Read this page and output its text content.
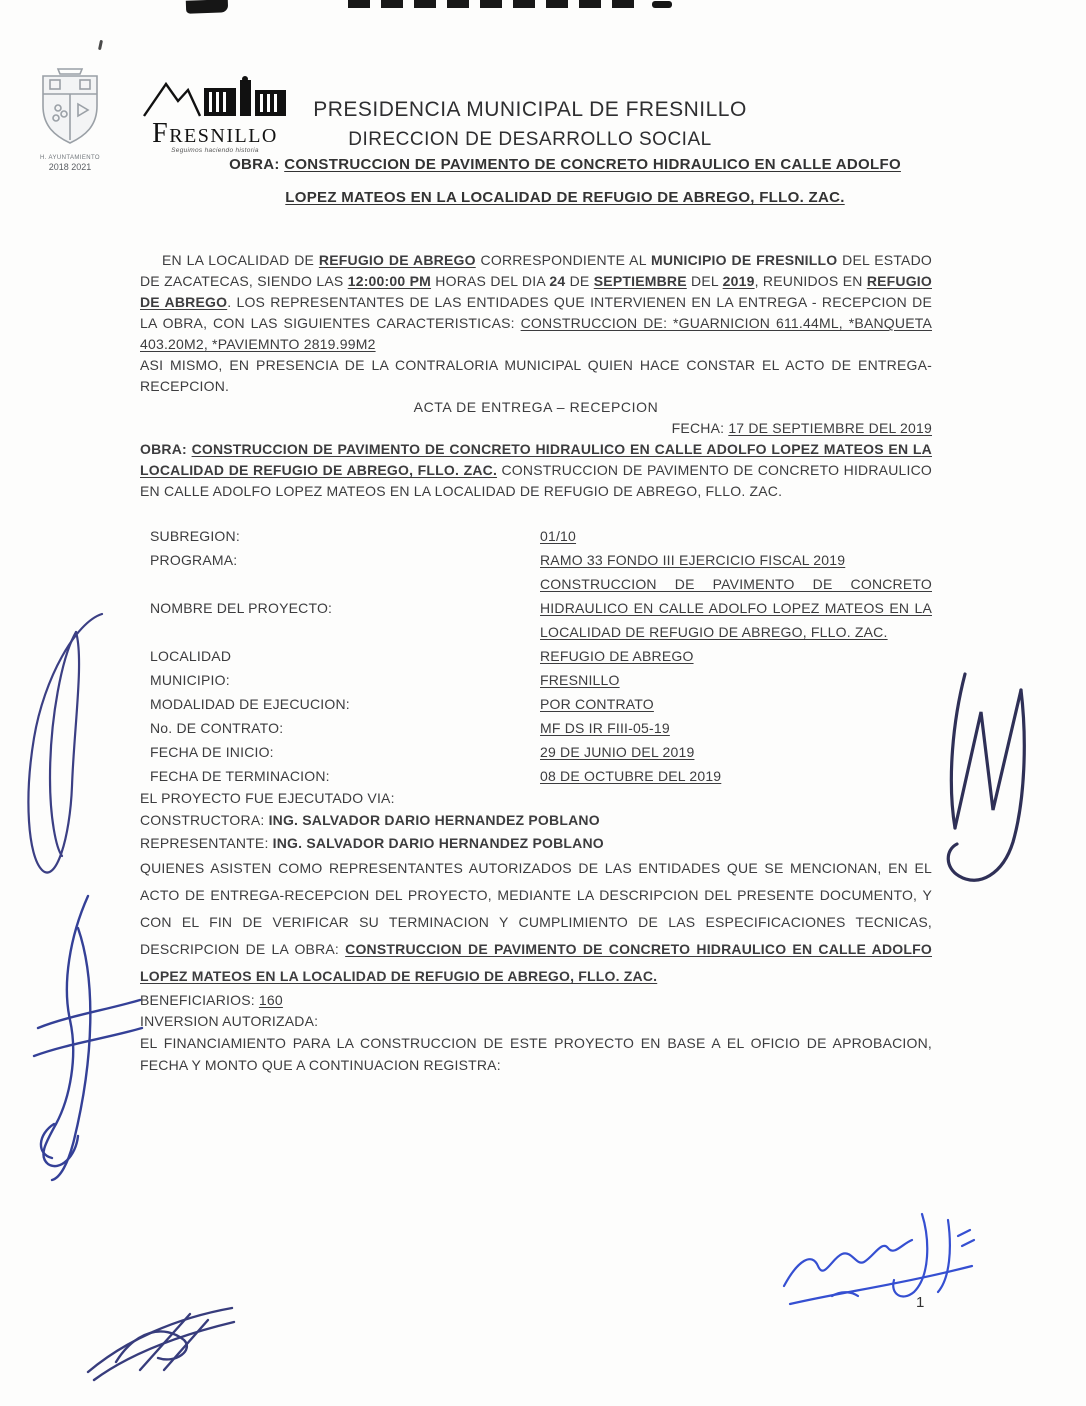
H. AYUNTAMIENTO
2018 2021
FRESNILLO
Seguimos haciendo historia
PRESIDENCIA MUNICIPAL DE FRESNILLO
DIRECCION DE DESARROLLO SOCIAL
OBRA: CONSTRUCCION DE PAVIMENTO DE CONCRETO HIDRAULICO EN CALLE ADOLFO
LOPEZ MATEOS EN LA LOCALIDAD DE REFUGIO DE ABREGO, FLLO. ZAC.

EN LA LOCALIDAD DE REFUGIO DE ABREGO CORRESPONDIENTE AL MUNICIPIO DE FRESNILLO DEL ESTADO DE ZACATECAS, SIENDO LAS 12:00:00 PM HORAS DEL DIA 24 DE SEPTIEMBRE DEL 2019, REUNIDOS EN REFUGIO DE ABREGO. LOS REPRESENTANTES DE LAS ENTIDADES QUE INTERVIENEN EN LA ENTREGA - RECEPCION DE LA OBRA, CON LAS SIGUIENTES CARACTERISTICAS: CONSTRUCCION DE: *GUARNICION 611.44ML, *BANQUETA 403.20M2, *PAVIEMNTO 2819.99M2

ASI MISMO, EN PRESENCIA DE LA CONTRALORIA MUNICIPAL QUIEN HACE CONSTAR EL ACTO DE ENTREGA-RECEPCION.

ACTA DE ENTREGA – RECEPCION

FECHA: 17 DE SEPTIEMBRE DEL 2019

OBRA: CONSTRUCCION DE PAVIMENTO DE CONCRETO HIDRAULICO EN CALLE ADOLFO LOPEZ MATEOS EN LA LOCALIDAD DE REFUGIO DE ABREGO, FLLO. ZAC. CONSTRUCCION DE PAVIMENTO DE CONCRETO HIDRAULICO EN CALLE ADOLFO LOPEZ MATEOS EN LA LOCALIDAD DE REFUGIO DE ABREGO, FLLO. ZAC.

SUBREGION:	01/10
PROGRAMA:	RAMO 33 FONDO III EJERCICIO FISCAL 2019
NOMBRE DEL PROYECTO:
CONSTRUCCION DE PAVIMENTO DE CONCRETO HIDRAULICO EN CALLE ADOLFO LOPEZ MATEOS EN LA LOCALIDAD DE REFUGIO DE ABREGO, FLLO. ZAC.
LOCALIDAD	REFUGIO DE ABREGO
MUNICIPIO:	FRESNILLO
MODALIDAD DE EJECUCION:	POR CONTRATO
No. DE CONTRATO:	MF DS IR FIII-05-19
FECHA DE INICIO:	29 DE JUNIO DEL 2019
FECHA DE TERMINACION:	08 DE OCTUBRE DEL 2019

EL PROYECTO FUE EJECUTADO VIA:

CONSTRUCTORA: ING. SALVADOR DARIO HERNANDEZ POBLANO
REPRESENTANTE: ING. SALVADOR DARIO HERNANDEZ POBLANO

QUIENES ASISTEN COMO REPRESENTANTES AUTORIZADOS DE LAS ENTIDADES QUE SE MENCIONAN, EN EL ACTO DE ENTREGA-RECEPCION DEL PROYECTO, MEDIANTE LA DESCRIPCION DEL PRESENTE DOCUMENTO, Y CON EL FIN DE VERIFICAR SU TERMINACION Y CUMPLIMIENTO DE LAS ESPECIFICACIONES TECNICAS, DESCRIPCION DE LA OBRA: CONSTRUCCION DE PAVIMENTO DE CONCRETO HIDRAULICO EN CALLE ADOLFO LOPEZ MATEOS EN LA LOCALIDAD DE REFUGIO DE ABREGO, FLLO. ZAC.

BENEFICIARIOS: 160

INVERSION AUTORIZADA:

EL FINANCIAMIENTO PARA LA CONSTRUCCION DE ESTE PROYECTO EN BASE A EL OFICIO DE APROBACION, FECHA Y MONTO QUE A CONTINUACION REGISTRA:

1
